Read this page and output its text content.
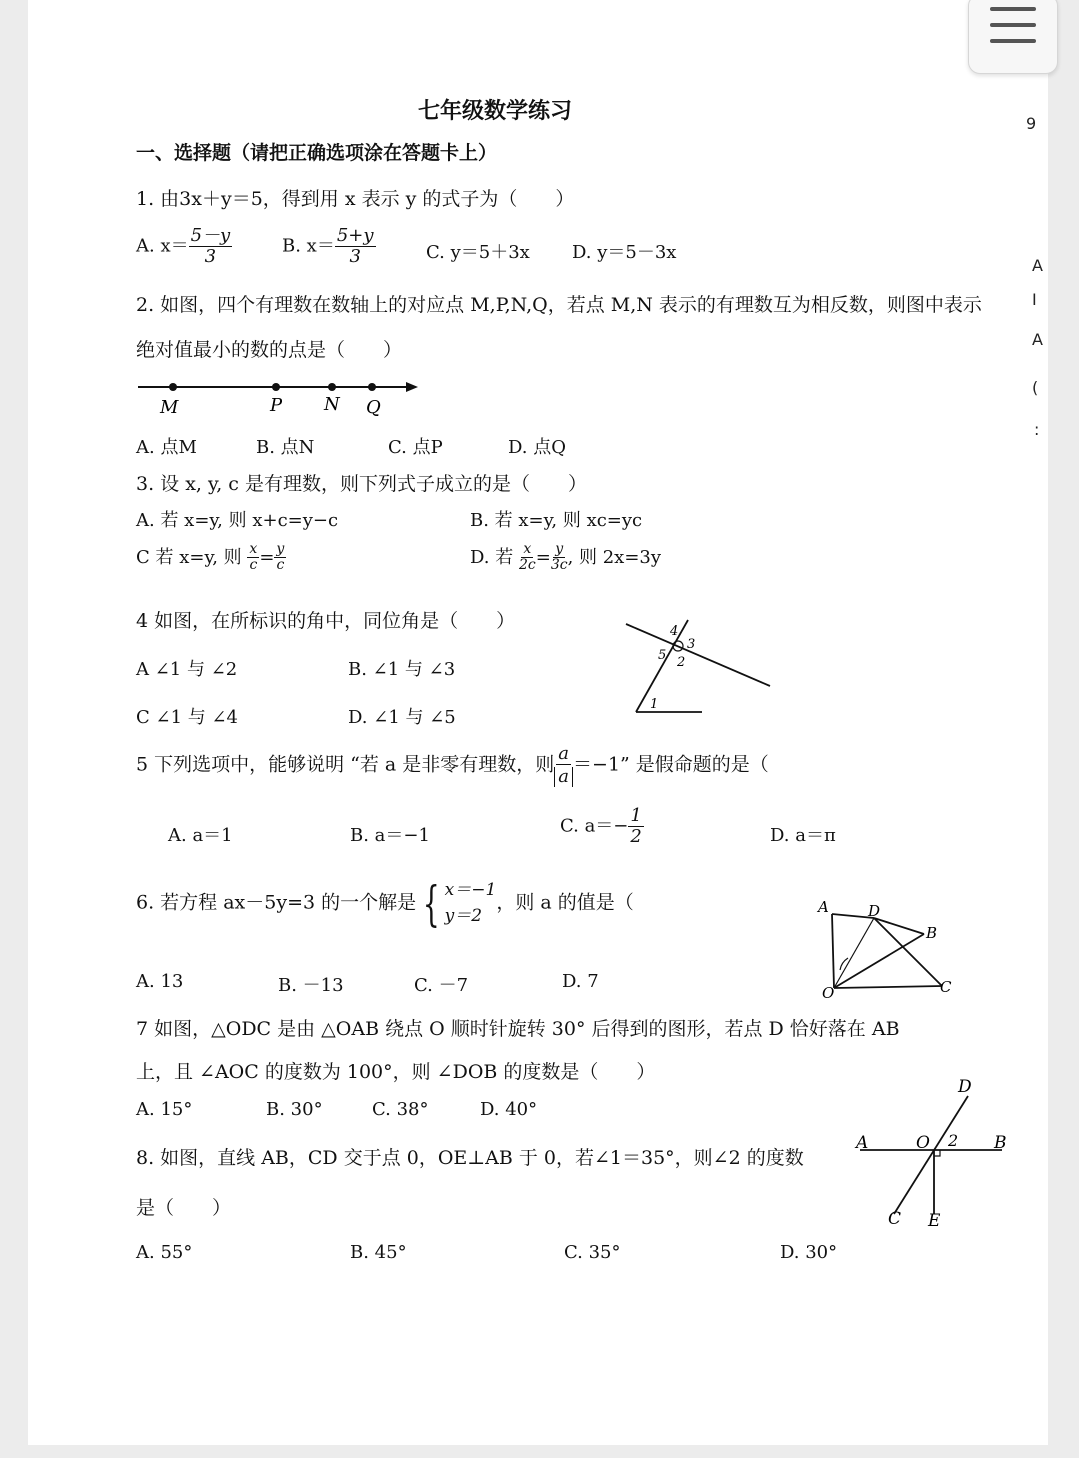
七年级数学练习	9
A
I
A
(
:
一、选择题（请把正确选项涂在答题卡上）
1. 由3x＋y＝5，得到用 x 表示 y 的式子为（　　）
A. $x= \frac{5-y}{3}$	B. $x= \frac{5+y}{3}$	C. y＝5＋3x D. y＝5－3x
2. 如图，四个有理数在数轴上的对应点 M,P,N,Q，若点 M,N 表示的有理数互为相反数，则图中表示
绝对值最小的数的点是（　　）
M	P N Q
A. 点M	B. 点N	C. 点P	D. 点Q
3. 设 x, y, c 是有理数，则下列式子成立的是（　　）
A. 若 x=y, 则 x+c=y−c	B. 若 x=y, 则 xc=yc
C 若 x=y, 则 $\frac{x}{c} = \frac{y}{c}$	D. 若 $\frac{x}{2c} = \frac{y}{3c}$ , 则 2x=3y
4 如图，在所标识的角中，同位角是（　　）	4
3
5 2
1
A ∠1 与 ∠2	B. ∠1 与 ∠3
C ∠1 与 ∠4	D. ∠1 与 ∠5
5 下列选项中，能够说明 “若 a 是非零有理数，则 $\frac{a}{a} =-1$” 是假命题的是（
A. a＝1	B. a＝−1	C. $a=- \frac{1}{2}$	D. a＝π
6. 若方程 ax－5y=3 的一个解是 { x＝−1
y＝2
，则 a 的值是（	A	D
B
O	C
A. 13	B. －13	C. －7	D. 7
7 如图，△ODC 是由 △OAB 绕点 O 顺时针旋转 30° 后得到的图形，若点 D 恰好落在 AB
上，且 ∠AOC 的度数为 100°，则 ∠DOB 的度数是（　　）
A. 15°	B. 30°	C. 38°	D. 40°
8. 如图，直线 AB，CD 交于点 0，OE⊥AB 于 0，若∠1＝35°，则∠2 的度数
是（　　）
D
A	O 2 B
C E
A. 55°	B. 45°	C. 35°	D. 30°
